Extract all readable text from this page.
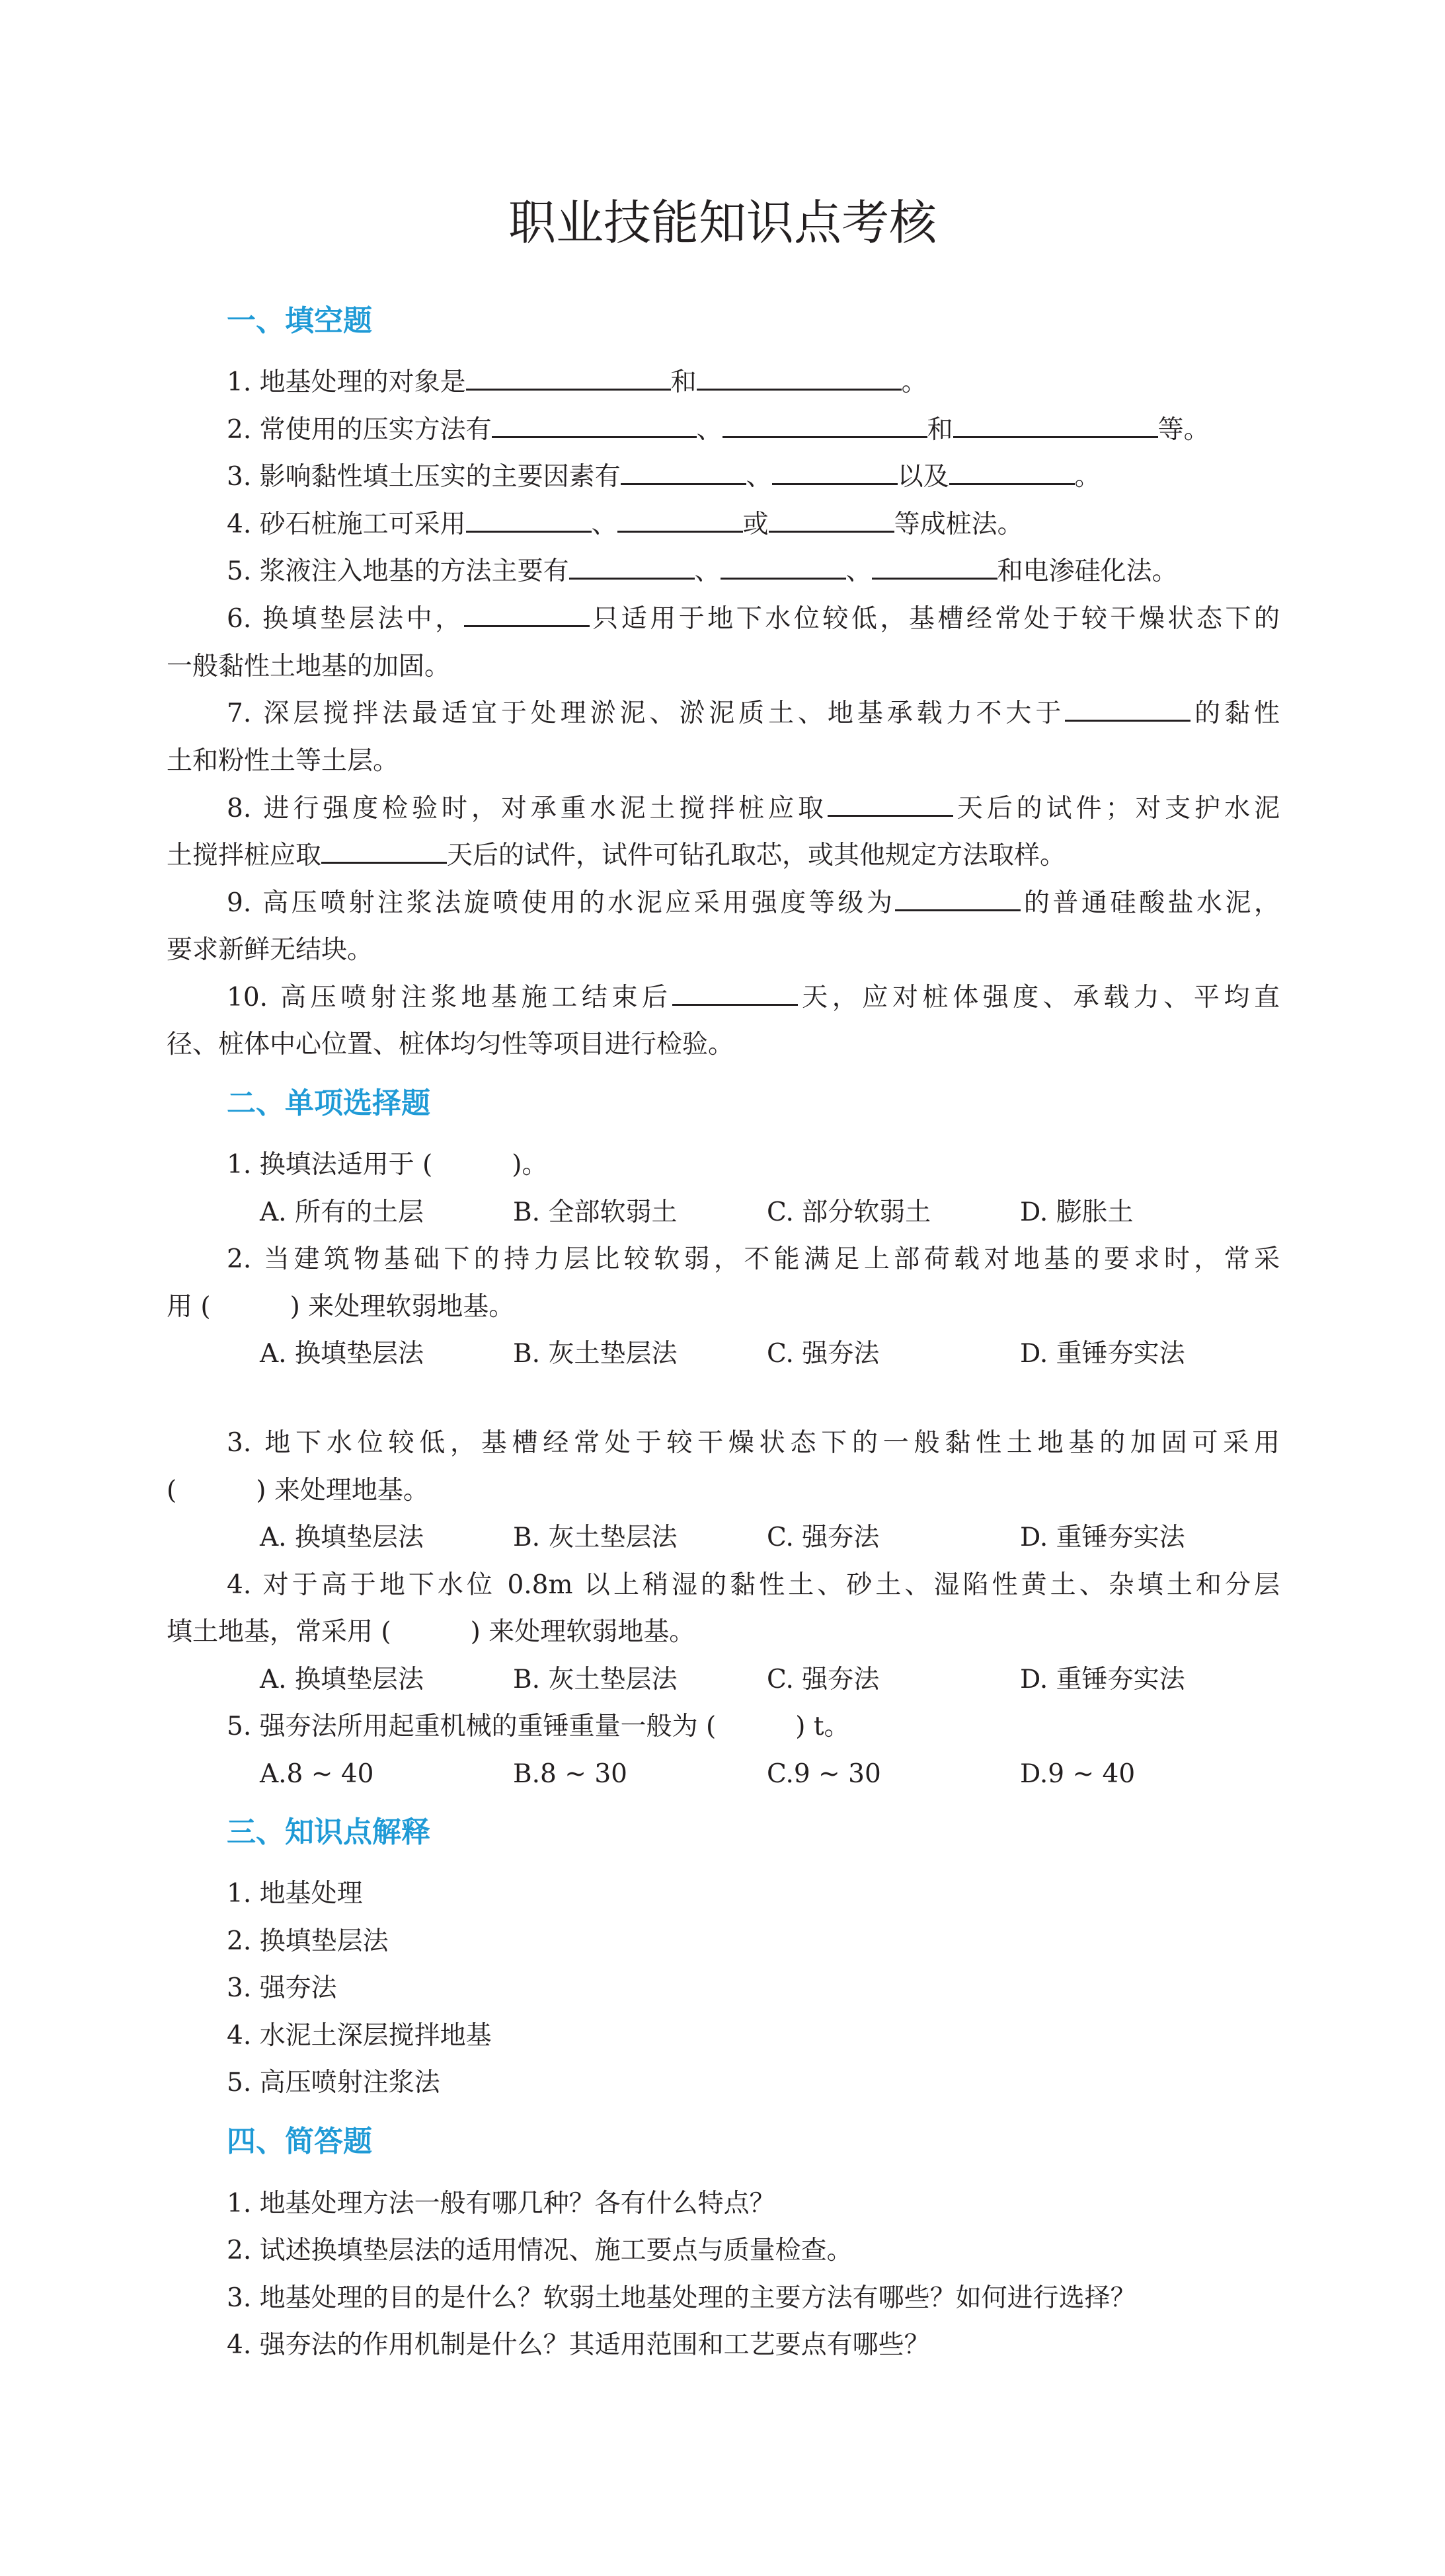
职业技能知识点考核
一、填空题

1. 地基处理的对象是	和	。

2. 常使用的压实方法有	、	和	等。

3. 影响黏性填土压实的主要因素有	、	以及	。

4. 砂石桩施工可采用	、	或	等成桩法。

5. 浆液注入地基的方法主要有	、	、	和电渗硅化法。

6. 换填垫层法中，	只适用于地下水位较低，基槽经常处于较干燥状态下的

一般黏性土地基的加固。

7. 深层搅拌法最适宜于处理淤泥、淤泥质土、地基承载力不大于	的黏性

土和粉性土等土层。

8. 进行强度检验时，对承重水泥土搅拌桩应取	天后的试件；对支护水泥

土搅拌桩应取	天后的试件，试件可钻孔取芯，或其他规定方法取样。

9. 高压喷射注浆法旋喷使用的水泥应采用强度等级为	的普通硅酸盐水泥，

要求新鲜无结块。

10. 高压喷射注浆地基施工结束后	天，应对桩体强度、承载力、平均直

径、桩体中心位置、桩体均匀性等项目进行检验。

二、单项选择题

1. 换填法适用于 (	)。

A. 所有的土层	B. 全部软弱土	C. 部分软弱土	D. 膨胀土

2. 当建筑物基础下的持力层比较软弱，不能满足上部荷载对地基的要求时，常采

用 (	) 来处理软弱地基。

A. 换填垫层法	B. 灰土垫层法	C. 强夯法	D. 重锤夯实法

3. 地下水位较低，基槽经常处于较干燥状态下的一般黏性土地基的加固可采用

(	) 来处理地基。

A. 换填垫层法	B. 灰土垫层法	C. 强夯法	D. 重锤夯实法

4. 对于高于地下水位 0.8m 以上稍湿的黏性土、砂土、湿陷性黄土、杂填土和分层

填土地基，常采用 (	) 来处理软弱地基。

A. 换填垫层法	B. 灰土垫层法	C. 强夯法	D. 重锤夯实法

5. 强夯法所用起重机械的重锤重量一般为 (	) t。

A.8 ~ 40	B.8 ~ 30	C.9 ~ 30	D.9 ~ 40
三、知识点解释

1. 地基处理

2. 换填垫层法

3. 强夯法

4. 水泥土深层搅拌地基

5. 高压喷射注浆法

四、简答题

1. 地基处理方法一般有哪几种？各有什么特点？

2. 试述换填垫层法的适用情况、施工要点与质量检查。

3. 地基处理的目的是什么？软弱土地基处理的主要方法有哪些？如何进行选择？

4. 强夯法的作用机制是什么？其适用范围和工艺要点有哪些？
